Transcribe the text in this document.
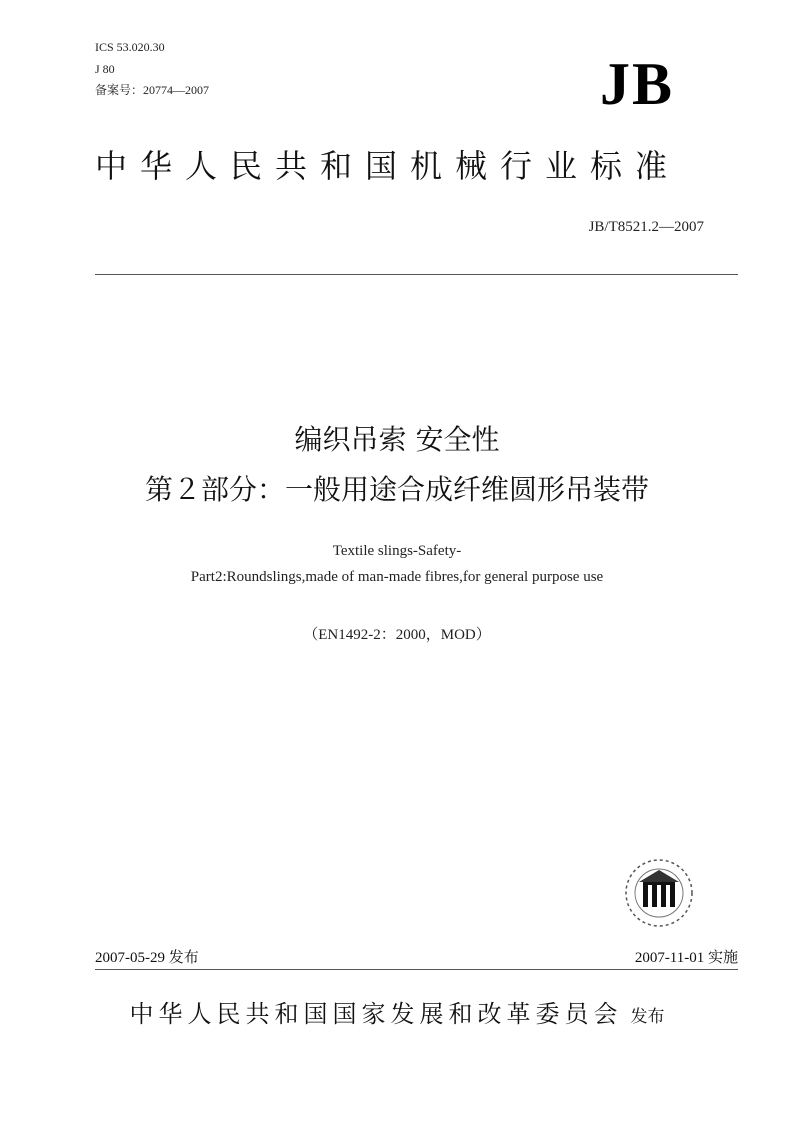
ICS 53.020.30
J 80
备案号：20774—2007	JB
中华人民共和国机械行业标准
JB/T8521.2—2007
编织吊索 安全性
第２部分：一般用途合成纤维圆形吊装带
Textile slings-Safety-
Part2:Roundslings,made of man-made fibres,for general purpose use
（EN1492-2：2000，MOD）
2007-05-29 发布	2007-11-01 实施
中华人民共和国国家发展和改革委员会 发布
